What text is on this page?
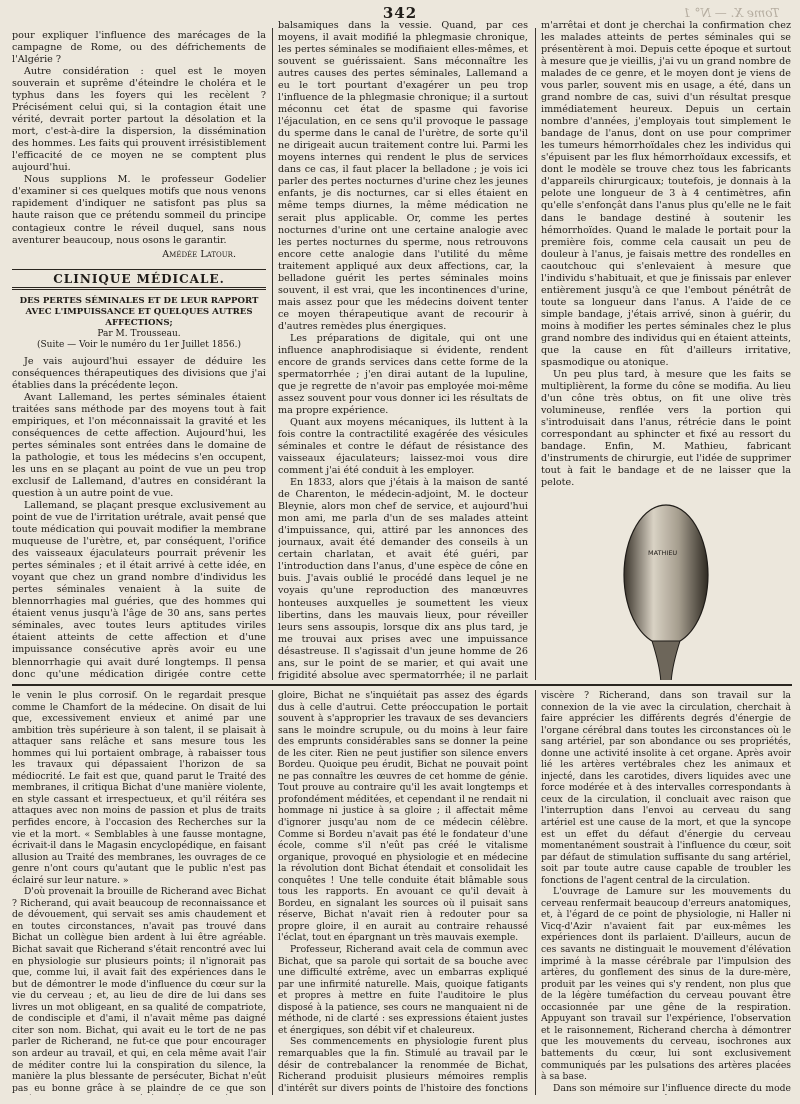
342	Tome X. — N° 1

pour expliquer l'influence des marécages de la campagne de Rome, ou des défrichements de l'Algérie ?

Autre considération : quel est le moyen souverain et suprême d'éteindre le choléra et le typhus dans les foyers qui les recèlent ? Précisément celui qui, si la contagion était une vérité, devrait porter partout la désolation et la mort, c'est-à-dire la dispersion, la dissémination des hommes. Les faits qui prouvent irrésistiblement l'efficacité de ce moyen ne se comptent plus aujourd'hui.

Nous supplions M. le professeur Godelier d'examiner si ces quelques motifs que nous venons rapidement d'indiquer ne satisfont pas plus sa haute raison que ce prétendu sommeil du principe contagieux contre le réveil duquel, sans nous aventurer beaucoup, nous osons le garantir.

Amédée Latour.

CLINIQUE MÉDICALE.

DES PERTES SÉMINALES ET DE LEUR RAPPORT AVEC L'IMPUISSANCE ET QUELQUES AUTRES AFFECTIONS;

Par M. Trousseau.

(Suite — Voir le numéro du 1er Juillet 1856.)

Je vais aujourd'hui essayer de déduire les conséquences thérapeutiques des divisions que j'ai établies dans la précédente leçon.

Avant Lallemand, les pertes séminales étaient traitées sans méthode par des moyens tout à fait empiriques, et l'on méconnaissait la gravité et les conséquences de cette affection. Aujourd'hui, les pertes séminales sont entrées dans le domaine de la pathologie, et tous les médecins s'en occupent, les uns en se plaçant au point de vue un peu trop exclusif de Lallemand, d'autres en considérant la question à un autre point de vue.

Lallemand, se plaçant presque exclusivement au point de vue de l'irritation urétrale, avait pensé que toute médication qui pouvait modifier la membrane muqueuse de l'urètre, et, par conséquent, l'orifice des vaisseaux éjaculateurs pourrait prévenir les pertes séminales ; et il était arrivé à cette idée, en voyant que chez un grand nombre d'individus les pertes séminales venaient à la suite de blennorrhagies mal guéries, que des hommes qui étaient venus jusqu'à l'âge de 30 ans, sans pertes séminales, avec toutes leurs aptitudes viriles étaient atteints de cette affection et d'une impuissance consécutive après avoir eu une blennorrhagie qui avait duré longtemps. Il pensa donc qu'une médication dirigée contre cette

balsamiques dans la vessie. Quand, par ces moyens, il avait modifié la phlegmasie chronique, les pertes séminales se modifiaient elles-mêmes, et souvent se guérissaient. Sans méconnaître les autres causes des pertes séminales, Lallemand a eu le tort pourtant d'exagérer un peu trop l'influence de la phlegmasie chronique; il a surtout méconnu cet état de spasme qui favorise l'éjaculation, en ce sens qu'il provoque le passage du sperme dans le canal de l'urètre, de sorte qu'il ne dirigeait aucun traitement contre lui. Parmi les moyens internes qui rendent le plus de services dans ce cas, il faut placer la belladone ; je vois ici parler des pertes nocturnes d'urine chez les jeunes enfants, je dis nocturnes, car si elles étaient en même temps diurnes, la même médication ne serait plus applicable. Or, comme les pertes nocturnes d'urine ont une certaine analogie avec les pertes nocturnes du sperme, nous retrouvons encore cette analogie dans l'utilité du même traitement appliqué aux deux affections, car, la belladone guérit les pertes séminales moins souvent, il est vrai, que les incontinences d'urine, mais assez pour que les médecins doivent tenter ce moyen thérapeutique avant de recourir à d'autres remèdes plus énergiques.

Les préparations de digitale, qui ont une influence anaphrodisiaque si évidente, rendent encore de grands services dans cette forme de la spermatorrhée ; j'en dirai autant de la lupuline, que je regrette de n'avoir pas employée moi-même assez souvent pour vous donner ici les résultats de ma propre expérience.

Quant aux moyens mécaniques, ils luttent à la fois contre la contractilité exagérée des vésicules séminales et contre le défaut de résistance des vaisseaux éjaculateurs; laissez-moi vous dire comment j'ai été conduit à les employer.

En 1833, alors que j'étais à la maison de santé de Charenton, le médecin-adjoint, M. le docteur Bleynie, alors mon chef de service, et aujourd'hui mon ami, me parla d'un de ses malades atteint d'impuissance, qui, attiré par les annonces des journaux, avait été demander des conseils à un certain charlatan, et avait été guéri, par l'introduction dans l'anus, d'une espèce de cône en buis. J'avais oublié le procédé dans lequel je ne voyais qu'une reproduction des manœuvres honteuses auxquelles je soumettent les vieux libertins, dans les mauvais lieux, pour réveiller leurs sens assoupis, lorsque dix ans plus tard, je me trouvai aux prises avec une impuissance désastreuse. Il s'agissait d'un jeune homme de 26 ans, sur le point de se marier, et qui avait une frigidité absolue avec spermatorrhée; il ne parlait

m'arrêtai et dont je cherchai la confirmation chez les malades atteints de pertes séminales qui se présentèrent à moi. Depuis cette époque et surtout à mesure que je vieillis, j'ai vu un grand nombre de malades de ce genre, et le moyen dont je viens de vous parler, souvent mis en usage, a été, dans un grand nombre de cas, suivi d'un résultat presque immédiatement heureux. Depuis un certain nombre d'années, j'employais tout simplement le bandage de l'anus, dont on use pour comprimer les tumeurs hémorrhoïdales chez les individus qui s'épuisent par les flux hémorrhoïdaux excessifs, et dont le modèle se trouve chez tous les fabricants d'appareils chirurgicaux; toutefois, je donnais à la pelote une longueur de 3 à 4 centimètres, afin qu'elle s'enfonçât dans l'anus plus qu'elle ne le fait dans le bandage destiné à soutenir les hémorrhoïdes. Quand le malade le portait pour la première fois, comme cela causait un peu de douleur à l'anus, je faisais mettre des rondelles en caoutchouc qui s'enlevaient à mesure que l'individu s'habituait, et que je finissais par enlever entièrement jusqu'à ce que l'embout pénétrât de toute sa longueur dans l'anus. A l'aide de ce simple bandage, j'étais arrivé, sinon à guérir, du moins à modifier les pertes séminales chez le plus grand nombre des individus qui en étaient atteints, que la cause en fût d'ailleurs irritative, spasmodique ou atonique.

Un peu plus tard, à mesure que les faits se multiplièrent, la forme du cône se modifia. Au lieu d'un cône très obtus, on fit une olive très volumineuse, renflée vers la portion qui s'introduisait dans l'anus, rétrécie dans le point correspondant au sphincter et fixé au ressort du bandage. Enfin, M. Mathieu, fabricant d'instruments de chirurgie, eut l'idée de supprimer tout à fait le bandage et de ne laisser que la pelote.

MATHIEU

le venin le plus corrosif. On le regardait presque comme le Chamfort de la médecine. On disait de lui que, excessivement envieux et animé par une ambition très supérieure à son talent, il se plaisait à attaquer sans relâche et sans mesure tous les hommes qui lui portaient ombrage, à rabaisser tous les travaux qui dépassaient l'horizon de sa médiocrité. Le fait est que, quand parut le Traité des membranes, il critiqua Bichat d'une manière violente, en style cassant et irrespectueux, et qu'il réitéra ses attaques avec non moins de passion et plus de traits perfides encore, à l'occasion des Recherches sur la vie et la mort. « Semblables à une fausse montagne, écrivait-il dans le Magasin encyclopédique, en faisant allusion au Traité des membranes, les ouvrages de ce genre n'ont cours qu'autant que le public n'est pas éclairé sur leur nature. »

D'où provenait la brouille de Richerand avec Bichat ? Richerand, qui avait beaucoup de reconnaissance et de dévouement, qui servait ses amis chaudement et en toutes circonstances, n'avait pas trouvé dans Bichat un collègue bien ardent à lui être agréable. Bichat savait que Richerand s'était rencontré avec lui en physiologie sur plusieurs points; il n'ignorait pas que, comme lui, il avait fait des expériences dans le but de démontrer le mode d'influence du cœur sur la vie du cerveau ; et, au lieu de dire de lui dans ses livres un mot obligeant, en sa qualité de compatriote, de condisciple et d'ami, il n'avait même pas daigné citer son nom. Bichat, qui avait eu le tort de ne pas parler de Richerand, ne fut-ce que pour encourager son ardeur au travail, et qui, en cela même avait l'air de méditer contre lui la conspiration du silence, la manière la plus blessante de persécuter, Bichat n'eût pas eu bonne grâce à se plaindre de ce que son

gloire, Bichat ne s'inquiétait pas assez des égards dus à celle d'autrui. Cette préoccupation le portait souvent à s'approprier les travaux de ses devanciers sans le moindre scrupule, ou du moins à leur faire des emprunts considérables sans se donner la peine de les citer. Rien ne peut justifier son silence envers Bordeu. Quoique peu érudit, Bichat ne pouvait point ne pas connaître les œuvres de cet homme de génie. Tout prouve au contraire qu'il les avait longtemps et profondément méditées, et cependant il ne rendait ni hommage ni justice à sa gloire ; il affectait même d'ignorer jusqu'au nom de ce médecin célèbre. Comme si Bordeu n'avait pas été le fondateur d'une école, comme s'il n'eût pas créé le vitalisme organique, provoqué en physiologie et en médecine la révolution dont Bichat étendait et consolidait les conquêtes ! Une telle conduite était blâmable sous tous les rapports. En avouant ce qu'il devait à Bordeu, en signalant les sources où il puisait sans réserve, Bichat n'avait rien à redouter pour sa propre gloire, il en aurait au contraire rehaussé l'éclat, tout en épargnant un très mauvais exemple.

Professeur, Richerand avait cela de commun avec Bichat, que sa parole qui sortait de sa bouche avec une difficulté extrême, avec un embarras expliqué par une infirmité naturelle. Mais, quoique fatigants et propres à mettre en fuite l'auditoire le plus disposé à la patience, ses cours ne manquaient ni de méthode, ni de clarté : ses expressions étaient justes et énergiques, son débit vif et chaleureux.

Ses commencements en physiologie furent plus remarquables que la fin. Stimulé au travail par le désir de contrebalancer la renommée de Bichat, Richerand produisit plusieurs mémoires remplis d'intérêt sur divers points de l'histoire des fonctions

viscère ? Richerand, dans son travail sur la connexion de la vie avec la circulation, cherchait à faire apprécier les différents degrés d'énergie de l'organe cérébral dans toutes les circonstances où le sang artériel, par son abondance ou ses propriétés, donne une activité insolite à cet organe. Après avoir lié les artères vertébrales chez les animaux et injecté, dans les carotides, divers liquides avec une force modérée et à des intervalles correspondants à ceux de la circulation, il concluait avec raison que l'interruption dans l'envoi au cerveau du sang artériel est une cause de la mort, et que la syncope est un effet du défaut d'énergie du cerveau momentanément soustrait à l'influence du cœur, soit par défaut de stimulation suffisante du sang artériel, soit par toute autre cause capable de troubler les fonctions de l'agent central de la circulation.

L'ouvrage de Lamure sur les mouvements du cerveau renfermait beaucoup d'erreurs anatomiques, et, à l'égard de ce point de physiologie, ni Haller ni Vicq-d'Azir n'avaient fait par eux-mêmes les expériences dont ils parlaient. D'ailleurs, aucun de ces savants ne distinguait le mouvement d'élévation imprimé à la masse cérébrale par l'impulsion des artères, du gonflement des sinus de la dure-mère, produit par les veines qui s'y rendent, non plus que de la légère tuméfaction du cerveau pouvant être occasionnée par une gêne de la respiration. Appuyant son travail sur l'expérience, l'observation et le raisonnement, Richerand chercha à démontrer que les mouvements du cerveau, isochrones aux battements du cœur, lui sont exclusivement communiqués par les pulsations des artères placées à sa base.

Dans son mémoire sur l'influence directe du mode
